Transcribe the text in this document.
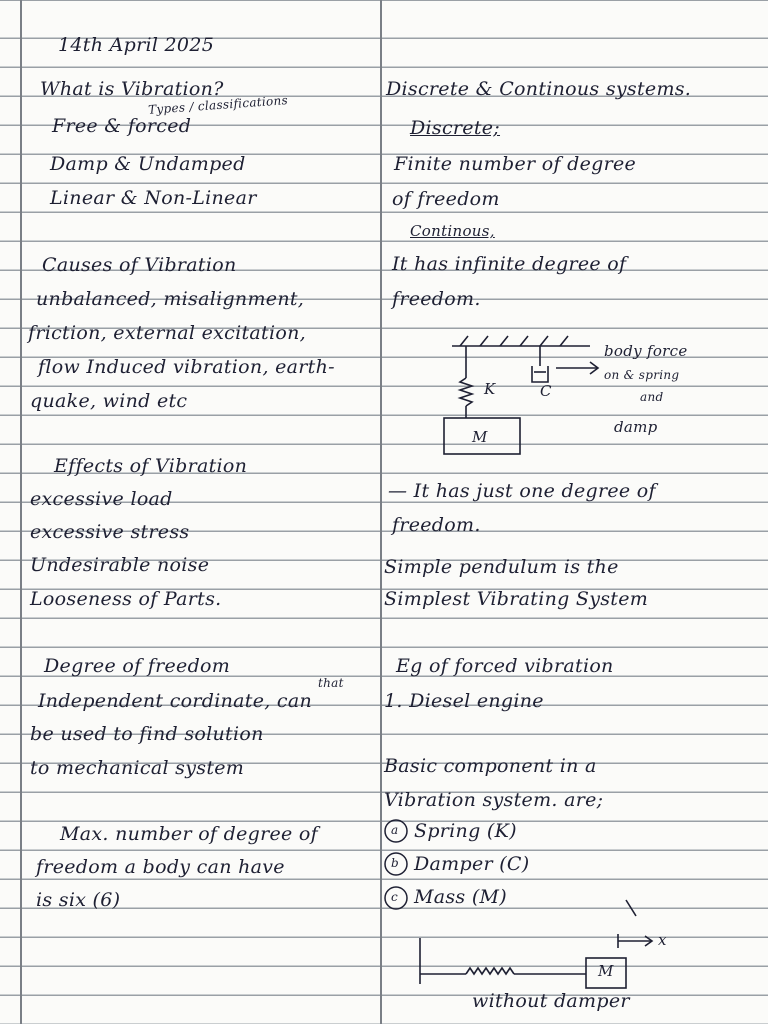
14th April 2025
What is Vibration?
Types / classifications
Free & forced
Damp & Undamped
Linear & Non-Linear
Causes of Vibration
unbalanced, misalignment,
friction, external excitation,
flow Induced vibration, earth-
quake, wind etc
Effects of Vibration
excessive load
excessive stress
Undesirable noise
Looseness of Parts.
Degree of freedom
that
Independent cordinate, can
be used to find solution
to mechanical system
Max. number of degree of
freedom a body can have
is six (6)
Discrete & Continous systems.
Discrete;
Finite number of degree
of freedom
Continous,
It has infinite degree of
freedom.
K	C
M
body force
on & spring
and
damp
— It has just one degree of
freedom.
Simple pendulum is the
Simplest Vibrating System
Eg of forced vibration
1. Diesel engine
Basic component in a
Vibration system. are;
a
b
c
Spring (K)
Damper (C)
Mass (M)
x
M
without damper
